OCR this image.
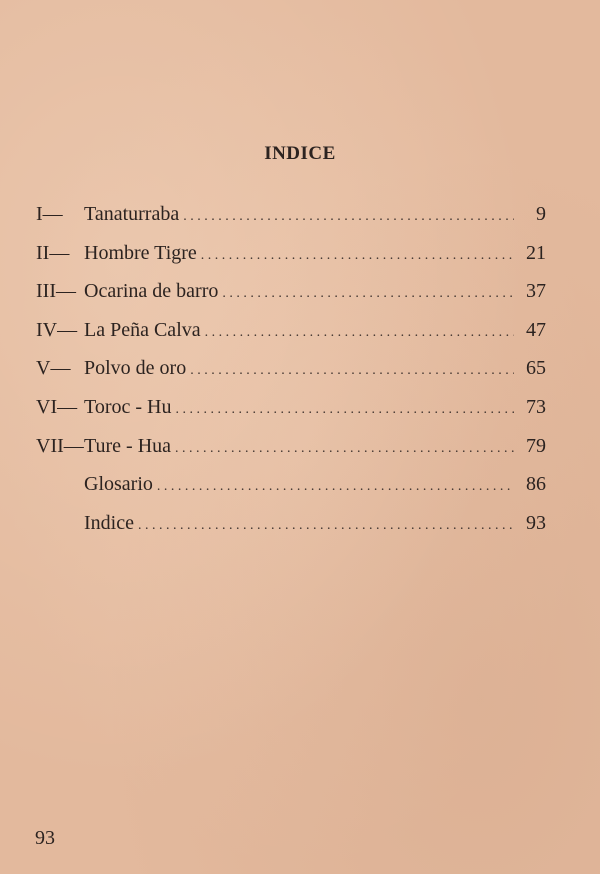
INDICE
I—	Tanaturraba . . .	9
II— Hombre Tigre . . .	21
III— Ocarina de barro . . .	37
IV— La Peña Calva . . .	47
V— Polvo de oro . . .	65
VI— Toroc - Hu . . .	73
VII— Ture - Hua . . .	79
Glosario . . .	86
Indice . . .	93
93
